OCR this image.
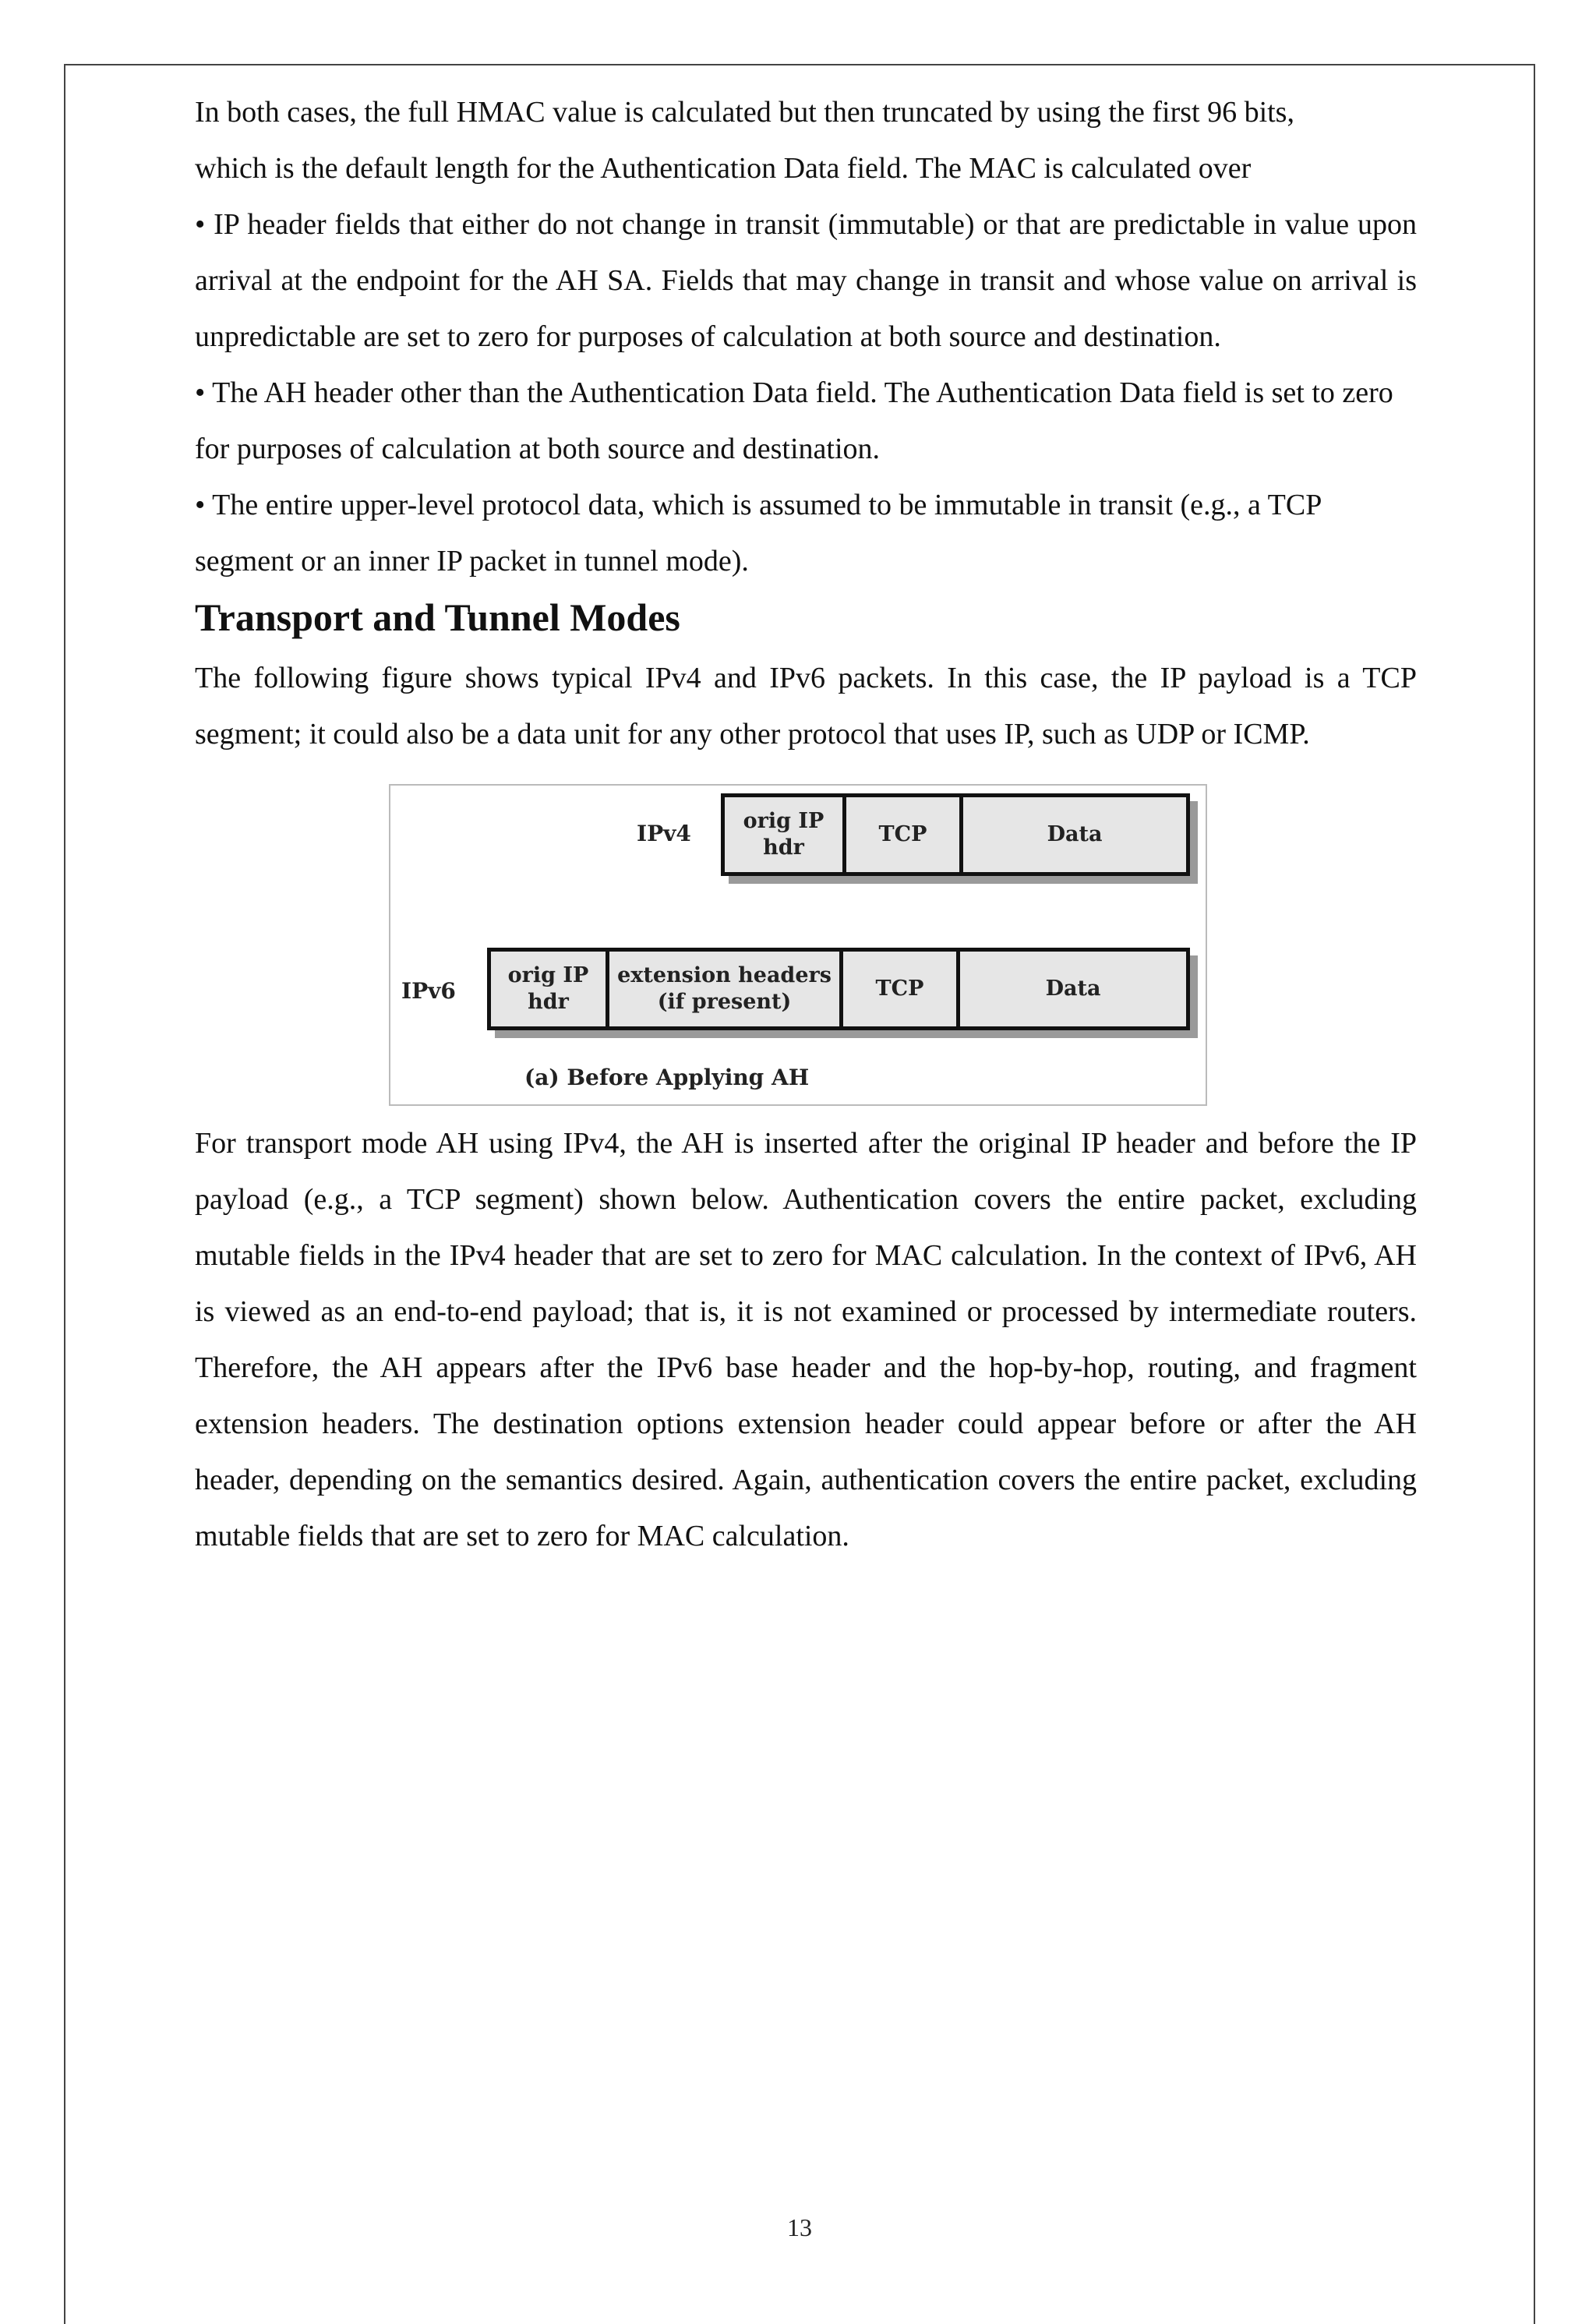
In both cases, the full HMAC value is calculated but then truncated by using the first 96 bits,

which is the default length for the Authentication Data field. The MAC is calculated over

• IP header fields that either do not change in transit (immutable) or that are predictable in value upon arrival at the endpoint for the AH SA. Fields that may change in transit and whose value on arrival is unpredictable are set to zero for purposes of calculation at both source and destination.

• The AH header other than the Authentication Data field. The Authentication Data field is set to zero for purposes of calculation at both source and destination.

• The entire upper-level protocol data, which is assumed to be immutable in transit (e.g., a TCP segment or an inner IP packet in tunnel mode).

Transport and Tunnel Modes

The following figure shows typical IPv4 and IPv6 packets. In this case, the IP payload is a TCP segment; it could also be a data unit for any other protocol that uses IP, such as UDP or ICMP.

IPv4	orig IP
hdr
TCP	Data
IPv6
orig IP
hdr
extension headers
(if present)
TCP	Data
(a) Before Applying AH

For transport mode AH using IPv4, the AH is inserted after the original IP header and before the IP payload (e.g., a TCP segment) shown below. Authentication covers the entire packet, excluding mutable fields in the IPv4 header that are set to zero for MAC calculation. In the context of IPv6, AH is viewed as an end-to-end payload; that is, it is not examined or processed by intermediate routers. Therefore, the AH appears after the IPv6 base header and the hop-by-hop, routing, and fragment extension headers. The destination options extension header could appear before or after the AH header, depending on the semantics desired. Again, authentication covers the entire packet, excluding mutable fields that are set to zero for MAC calculation.

13
